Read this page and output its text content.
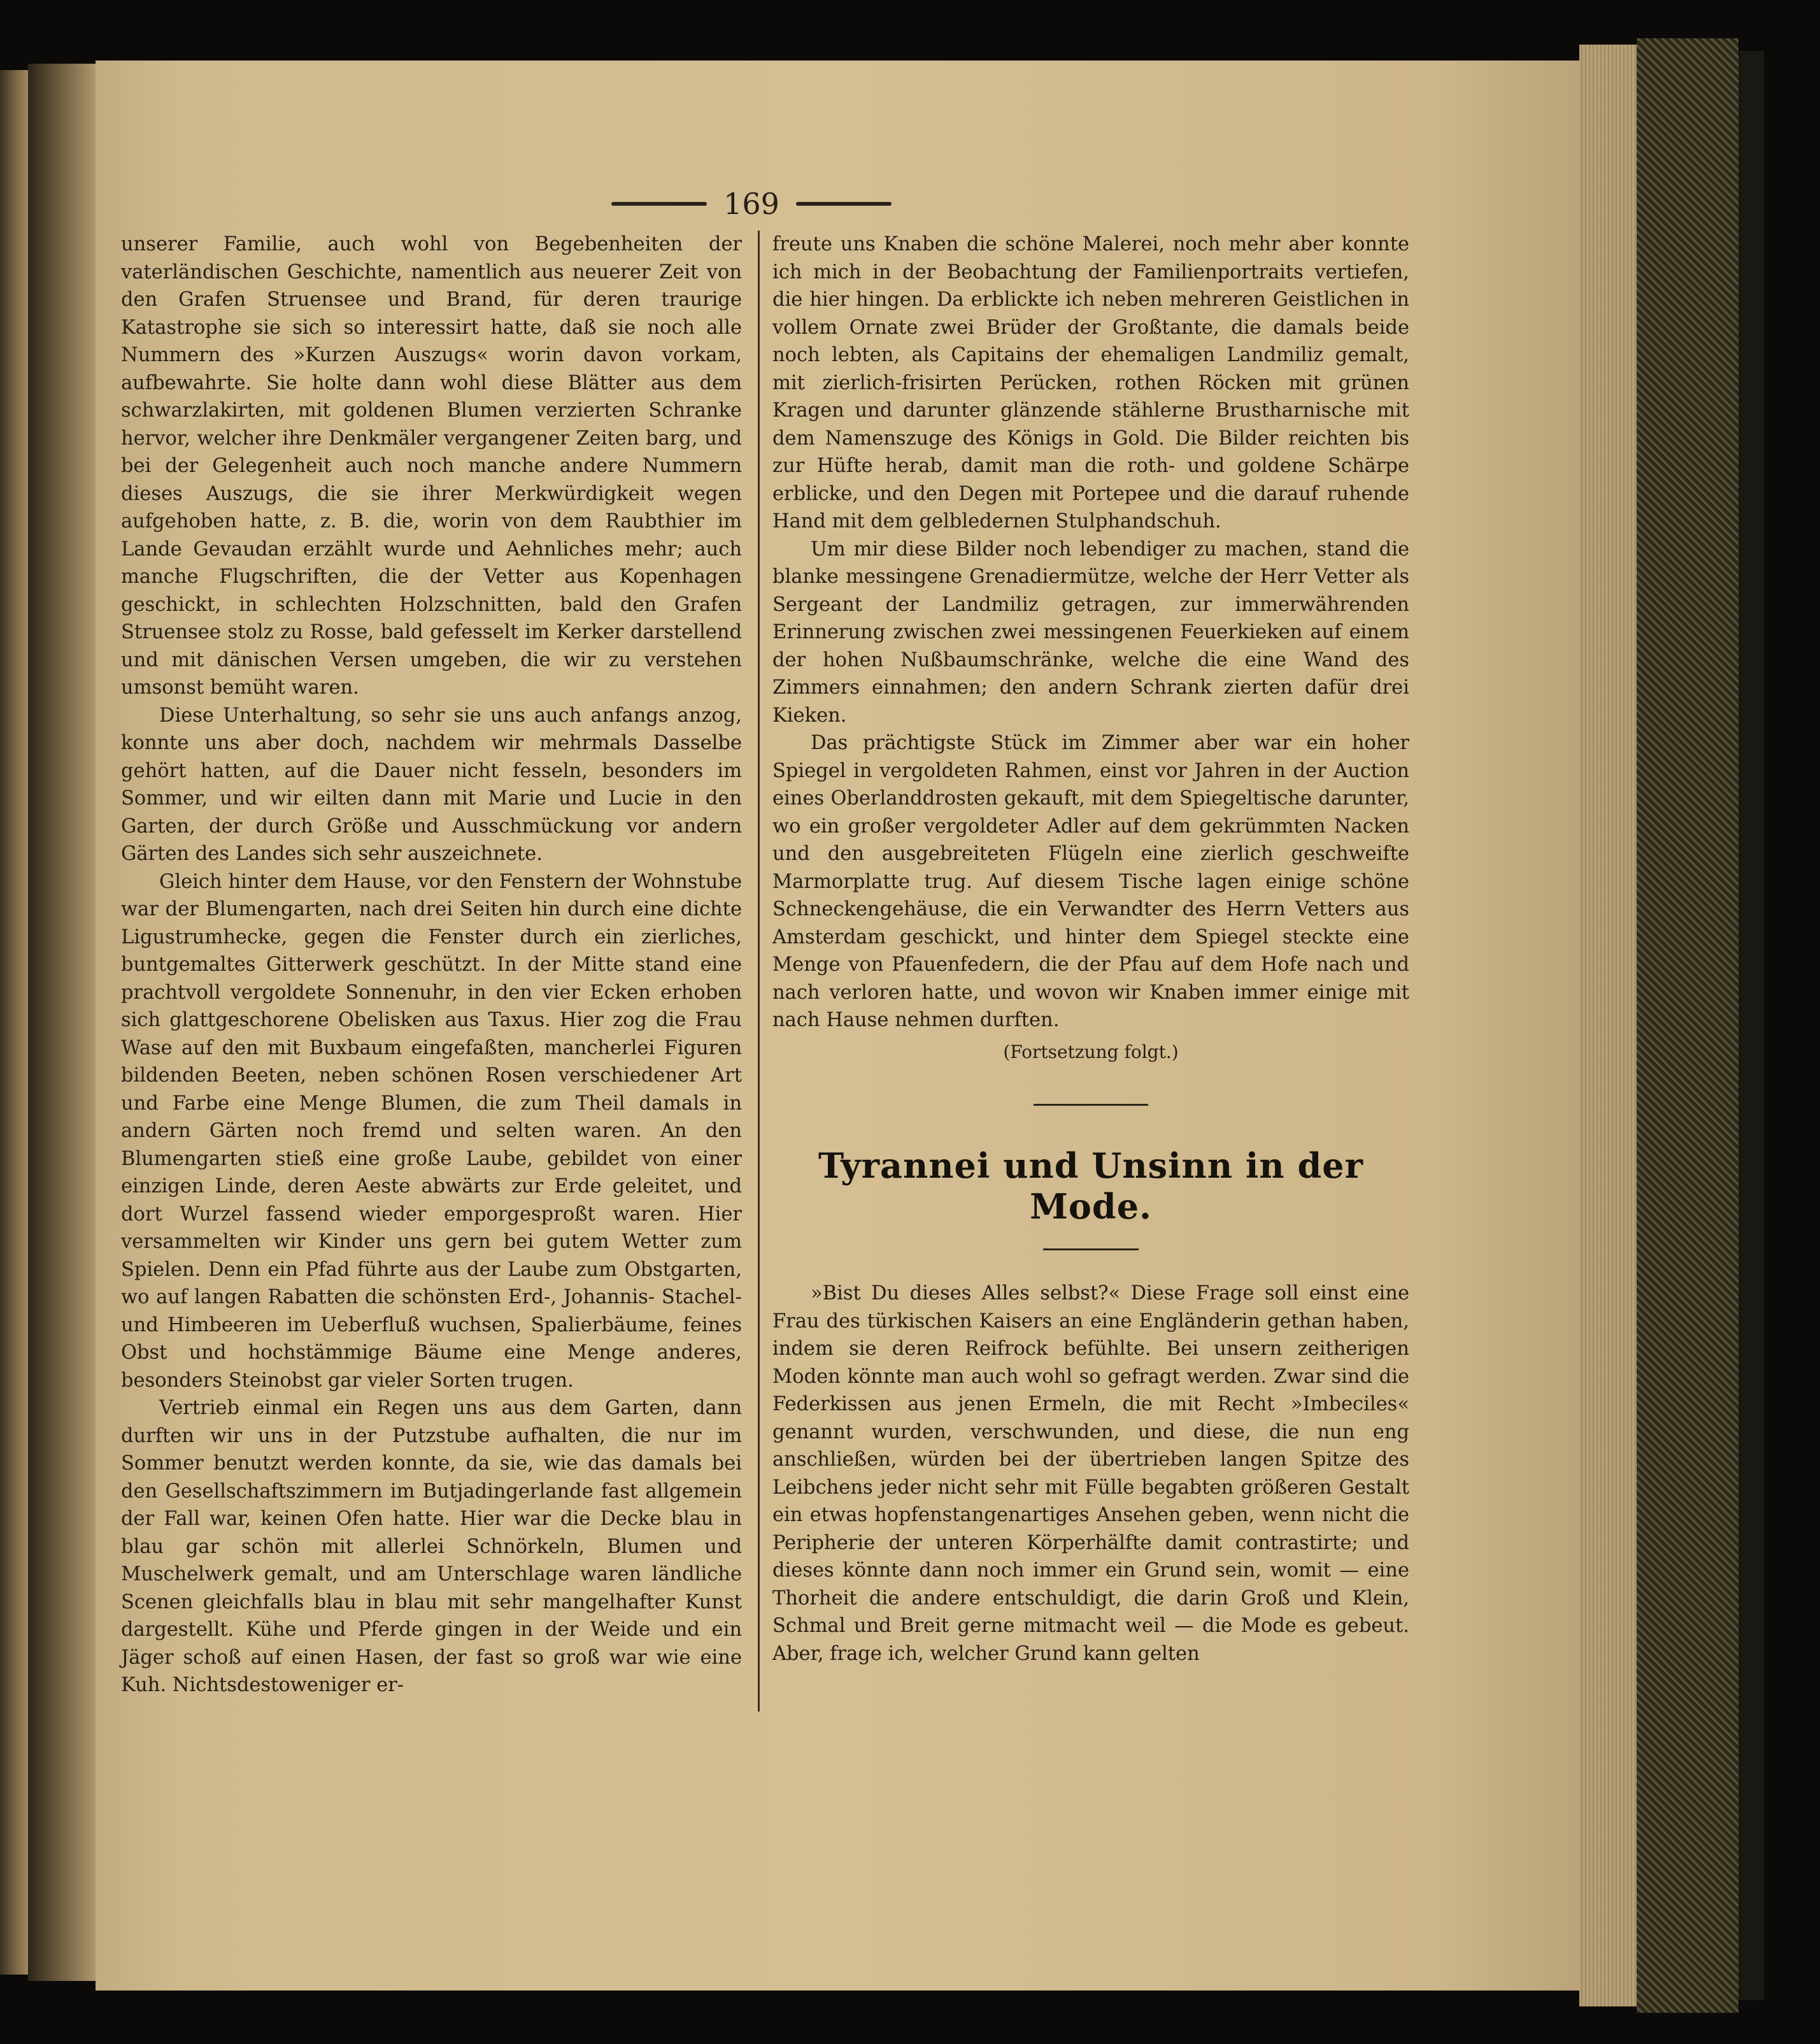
169

unserer Familie, auch wohl von Begebenheiten der vaterländischen Geschichte, namentlich aus neuerer Zeit von den Grafen Struensee und Brand, für deren traurige Katastrophe sie sich so interessirt hatte, daß sie noch alle Nummern des »Kurzen Auszugs« worin davon vorkam, aufbewahrte. Sie holte dann wohl diese Blätter aus dem schwarzlakirten, mit goldenen Blumen verzierten Schranke hervor, welcher ihre Denkmäler vergangener Zeiten barg, und bei der Gelegenheit auch noch manche andere Nummern dieses Auszugs, die sie ihrer Merkwürdigkeit wegen aufgehoben hatte, z. B. die, worin von dem Raubthier im Lande Gevaudan erzählt wurde und Aehnliches mehr; auch manche Flugschriften, die der Vetter aus Kopenhagen geschickt, in schlechten Holzschnitten, bald den Grafen Struensee stolz zu Rosse, bald gefesselt im Kerker darstellend und mit dänischen Versen umgeben, die wir zu verstehen umsonst bemüht waren.

Diese Unterhaltung, so sehr sie uns auch anfangs anzog, konnte uns aber doch, nachdem wir mehrmals Dasselbe gehört hatten, auf die Dauer nicht fesseln, besonders im Sommer, und wir eilten dann mit Marie und Lucie in den Garten, der durch Größe und Ausschmückung vor andern Gärten des Landes sich sehr auszeichnete.

Gleich hinter dem Hause, vor den Fenstern der Wohnstube war der Blumengarten, nach drei Seiten hin durch eine dichte Ligustrumhecke, gegen die Fenster durch ein zierliches, buntgemaltes Gitterwerk geschützt. In der Mitte stand eine prachtvoll vergoldete Sonnenuhr, in den vier Ecken erhoben sich glattgeschorene Obelisken aus Taxus. Hier zog die Frau Wase auf den mit Buxbaum eingefaßten, mancherlei Figuren bildenden Beeten, neben schönen Rosen verschiedener Art und Farbe eine Menge Blumen, die zum Theil damals in andern Gärten noch fremd und selten waren. An den Blumengarten stieß eine große Laube, gebildet von einer einzigen Linde, deren Aeste abwärts zur Erde geleitet, und dort Wurzel fassend wieder emporgesproßt waren. Hier versammelten wir Kinder uns gern bei gutem Wetter zum Spielen. Denn ein Pfad führte aus der Laube zum Obstgarten, wo auf langen Rabatten die schönsten Erd-, Johannis- Stachel- und Himbeeren im Ueberfluß wuchsen, Spalierbäume, feines Obst und hochstämmige Bäume eine Menge anderes, besonders Steinobst gar vieler Sorten trugen.

Vertrieb einmal ein Regen uns aus dem Garten, dann durften wir uns in der Putzstube aufhalten, die nur im Sommer benutzt werden konnte, da sie, wie das damals bei den Gesellschaftszimmern im Butjadingerlande fast allgemein der Fall war, keinen Ofen hatte. Hier war die Decke blau in blau gar schön mit allerlei Schnörkeln, Blumen und Muschelwerk gemalt, und am Unterschlage waren ländliche Scenen gleichfalls blau in blau mit sehr mangelhafter Kunst dargestellt. Kühe und Pferde gingen in der Weide und ein Jäger schoß auf einen Hasen, der fast so groß war wie eine Kuh. Nichtsdestoweniger er-

freute uns Knaben die schöne Malerei, noch mehr aber konnte ich mich in der Beobachtung der Familienportraits vertiefen, die hier hingen. Da erblickte ich neben mehreren Geistlichen in vollem Ornate zwei Brüder der Großtante, die damals beide noch lebten, als Capitains der ehemaligen Landmiliz gemalt, mit zierlich-frisirten Perücken, rothen Röcken mit grünen Kragen und darunter glänzende stählerne Brustharnische mit dem Namenszuge des Königs in Gold. Die Bilder reichten bis zur Hüfte herab, damit man die roth- und goldene Schärpe erblicke, und den Degen mit Portepee und die darauf ruhende Hand mit dem gelbledernen Stulphandschuh.

Um mir diese Bilder noch lebendiger zu machen, stand die blanke messingene Grenadiermütze, welche der Herr Vetter als Sergeant der Landmiliz getragen, zur immerwährenden Erinnerung zwischen zwei messingenen Feuerkieken auf einem der hohen Nußbaumschränke, welche die eine Wand des Zimmers einnahmen; den andern Schrank zierten dafür drei Kieken.

Das prächtigste Stück im Zimmer aber war ein hoher Spiegel in vergoldeten Rahmen, einst vor Jahren in der Auction eines Oberlanddrosten gekauft, mit dem Spiegeltische darunter, wo ein großer vergoldeter Adler auf dem gekrümmten Nacken und den ausgebreiteten Flügeln eine zierlich geschweifte Marmorplatte trug. Auf diesem Tische lagen einige schöne Schneckengehäuse, die ein Verwandter des Herrn Vetters aus Amsterdam geschickt, und hinter dem Spiegel steckte eine Menge von Pfauenfedern, die der Pfau auf dem Hofe nach und nach verloren hatte, und wovon wir Knaben immer einige mit nach Hause nehmen durften.

(Fortsetzung folgt.)

Tyrannei und Unsinn in der Mode.

»Bist Du dieses Alles selbst?« Diese Frage soll einst eine Frau des türkischen Kaisers an eine Engländerin gethan haben, indem sie deren Reifrock befühlte. Bei unsern zeitherigen Moden könnte man auch wohl so gefragt werden. Zwar sind die Federkissen aus jenen Ermeln, die mit Recht »Imbeciles« genannt wurden, verschwunden, und diese, die nun eng anschließen, würden bei der übertrieben langen Spitze des Leibchens jeder nicht sehr mit Fülle begabten größeren Gestalt ein etwas hopfenstangenartiges Ansehen geben, wenn nicht die Peripherie der unteren Körperhälfte damit contrastirte; und dieses könnte dann noch immer ein Grund sein, womit — eine Thorheit die andere entschuldigt, die darin Groß und Klein, Schmal und Breit gerne mitmacht weil — die Mode es gebeut. Aber, frage ich, welcher Grund kann gelten
